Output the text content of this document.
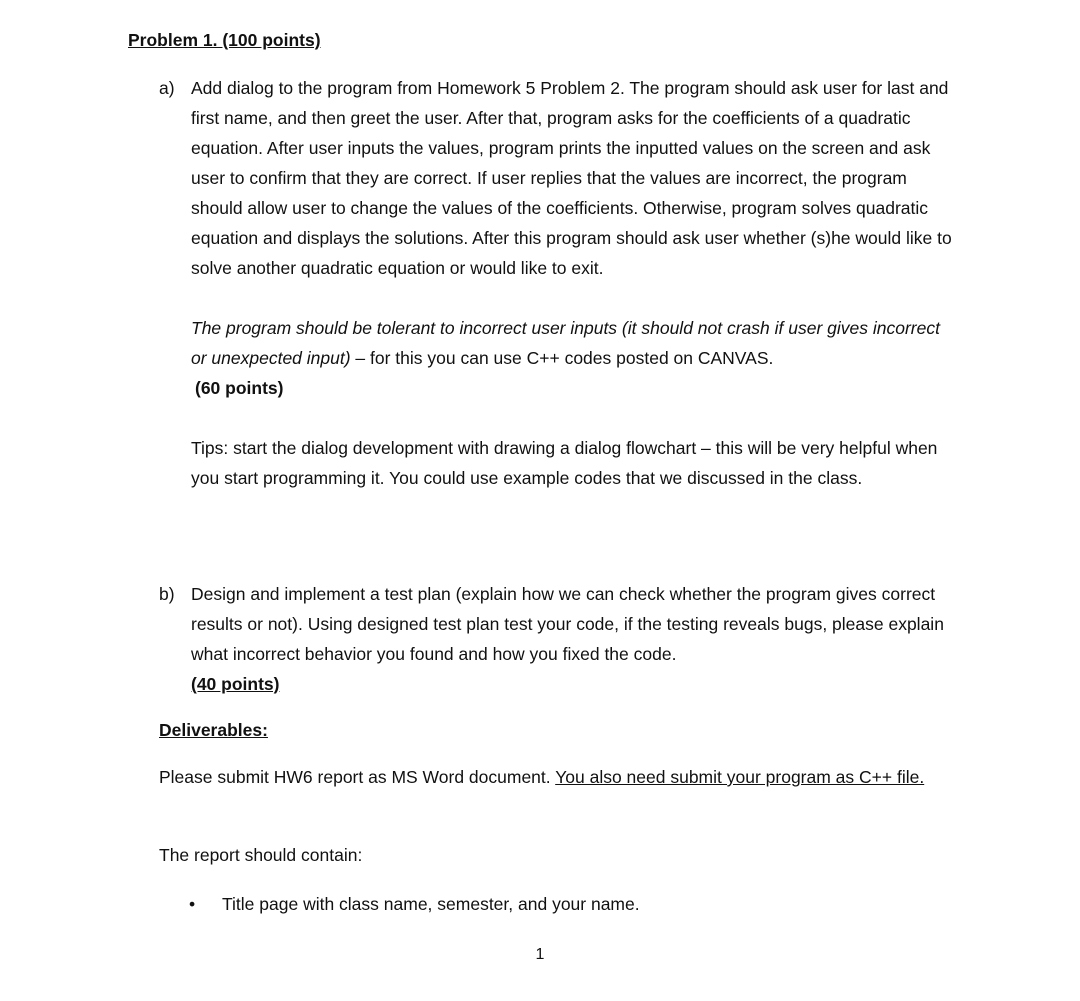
Problem 1. (100 points)
a) Add dialog to the program from Homework 5 Problem 2. The program should ask user for last and first name, and then greet the user. After that, program asks for the coefficients of a quadratic equation. After user inputs the values, program prints the inputted values on the screen and ask user to confirm that they are correct. If user replies that the values are incorrect, the program should allow user to change the values of the coefficients. Otherwise, program solves quadratic equation and displays the solutions. After this program should ask user whether (s)he would like to solve another quadratic equation or would like to exit.

The program should be tolerant to incorrect user inputs (it should not crash if user gives incorrect or unexpected input) – for this you can use C++ codes posted on CANVAS.

(60 points)

Tips: start the dialog development with drawing a dialog flowchart – this will be very helpful when you start programming it. You could use example codes that we discussed in the class.

b) Design and implement a test plan (explain how we can check whether the program gives correct results or not). Using designed test plan test your code, if the testing reveals bugs, please explain what incorrect behavior you found and how you fixed the code.

(40 points)

Deliverables:
Please submit HW6 report as MS Word document. You also need submit your program as C++ file.
The report should contain:
• Title page with class name, semester, and your name.
1
